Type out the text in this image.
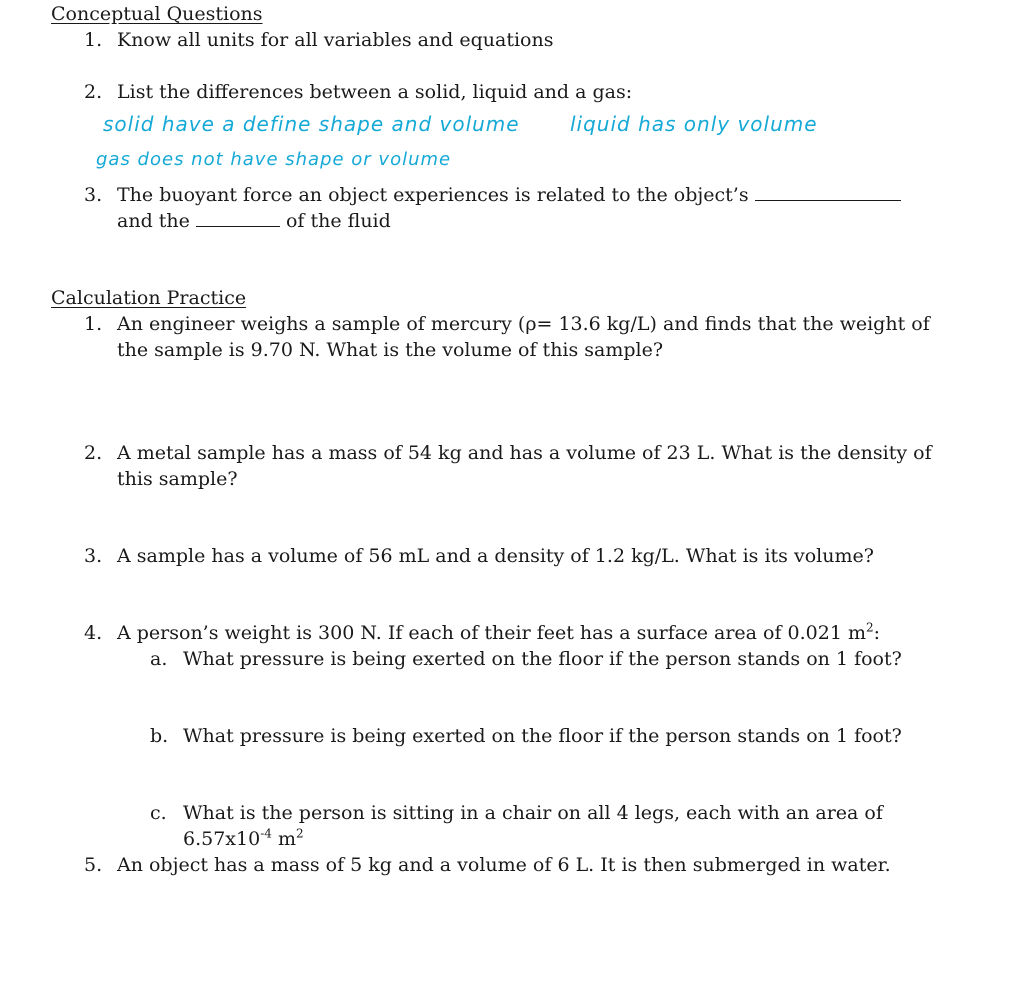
Conceptual Questions
1. Know all units for all variables and equations
2. List the differences between a solid, liquid and a gas:
solid have a define shape and volume	liquid has only volume
gas does not have shape or volume
3. The buoyant force an object experiences is related to the object’s
and the	of the fluid
Calculation Practice
1. An engineer weighs a sample of mercury (ρ= 13.6 kg/L) and finds that the weight of
the sample is 9.70 N. What is the volume of this sample?
2. A metal sample has a mass of 54 kg and has a volume of 23 L. What is the density of
this sample?
3. A sample has a volume of 56 mL and a density of 1.2 kg/L. What is its volume?
4. A person’s weight is 300 N. If each of their feet has a surface area of 0.021 $m^2$:
a. What pressure is being exerted on the floor if the person stands on 1 foot?
b. What pressure is being exerted on the floor if the person stands on 1 foot?
c. What is the person is sitting in a chair on all 4 legs, each with an area of
$6.57x10^{-4}$ $m^2$
5. An object has a mass of 5 kg and a volume of 6 L. It is then submerged in water.
